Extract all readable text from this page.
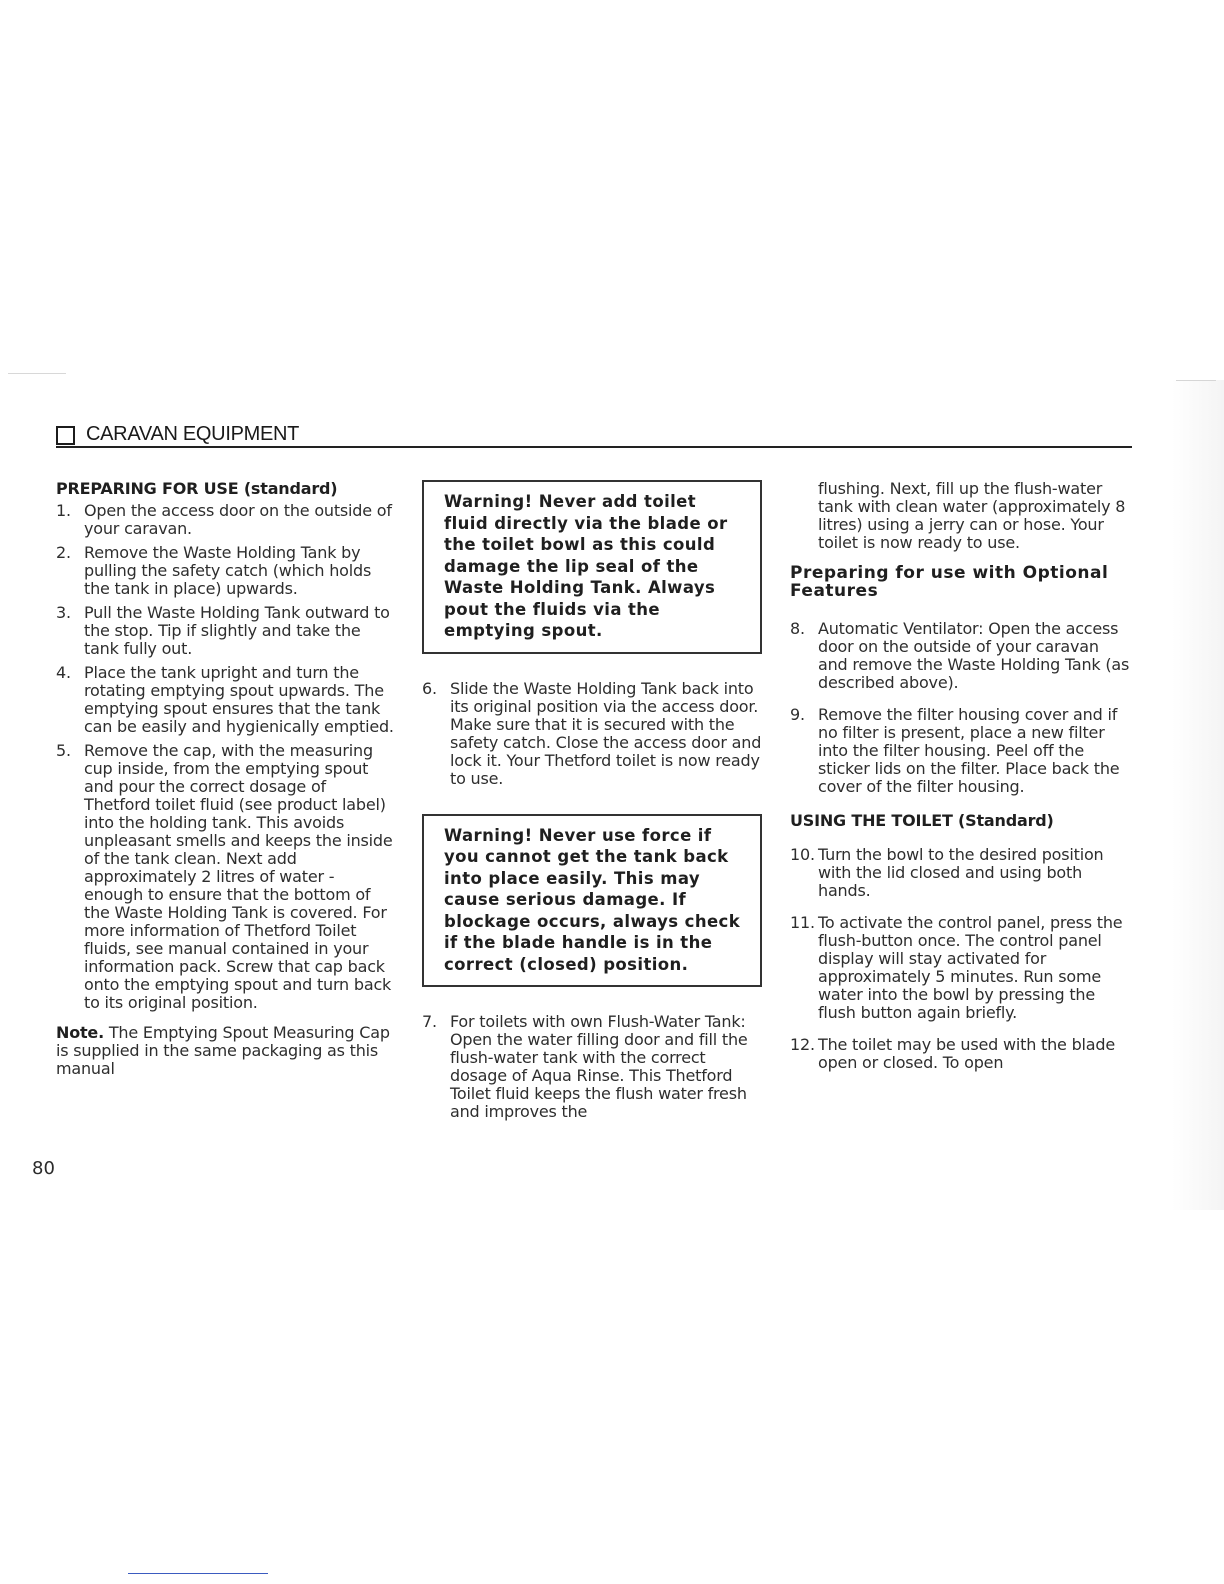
CARAVAN EQUIPMENT
PREPARING FOR USE (standard)
1. Open the access door on the outside of your caravan.
2. Remove the Waste Holding Tank by pulling the safety catch (which holds the tank in place) upwards.
3. Pull the Waste Holding Tank outward to the stop. Tip if slightly and take the tank fully out.
4. Place the tank upright and turn the rotating emptying spout upwards. The emptying spout ensures that the tank can be easily and hygienically emptied.
5. Remove the cap, with the measuring cup inside, from the emptying spout and pour the correct dosage of Thetford toilet fluid (see product label) into the holding tank. This avoids unpleasant smells and keeps the inside of the tank clean. Next add approximately 2 litres of water - enough to ensure that the bottom of the Waste Holding Tank is covered. For more information of Thetford Toilet fluids, see manual contained in your information pack. Screw that cap back onto the emptying spout and turn back to its original position.
Note. The Emptying Spout Measuring Cap is supplied in the same packaging as this manual
Warning! Never add toilet fluid directly via the blade or the toilet bowl as this could damage the lip seal of the Waste Holding Tank. Always pout the fluids via the emptying spout.
6. Slide the Waste Holding Tank back into its original position via the access door. Make sure that it is secured with the safety catch. Close the access door and lock it. Your Thetford toilet is now ready to use.
Warning! Never use force if you cannot get the tank back into place easily. This may cause serious damage. If blockage occurs, always check if the blade handle is in the correct (closed) position.
7. For toilets with own Flush-Water Tank: Open the water filling door and fill the flush-water tank with the correct dosage of Aqua Rinse. This Thetford Toilet fluid keeps the flush water fresh and improves the
flushing. Next, fill up the flush-water tank with clean water (approximately 8 litres) using a jerry can or hose. Your toilet is now ready to use.
Preparing for use with Optional Features
8. Automatic Ventilator: Open the access door on the outside of your caravan and remove the Waste Holding Tank (as described above).
9. Remove the filter housing cover and if no filter is present, place a new filter into the filter housing. Peel off the sticker lids on the filter. Place back the cover of the filter housing.
USING THE TOILET (Standard)
10. Turn the bowl to the desired position with the lid closed and using both hands.
11. To activate the control panel, press the flush-button once. The control panel display will stay activated for approximately 5 minutes. Run some water into the bowl by pressing the flush button again briefly.
12. The toilet may be used with the blade open or closed. To open
80
